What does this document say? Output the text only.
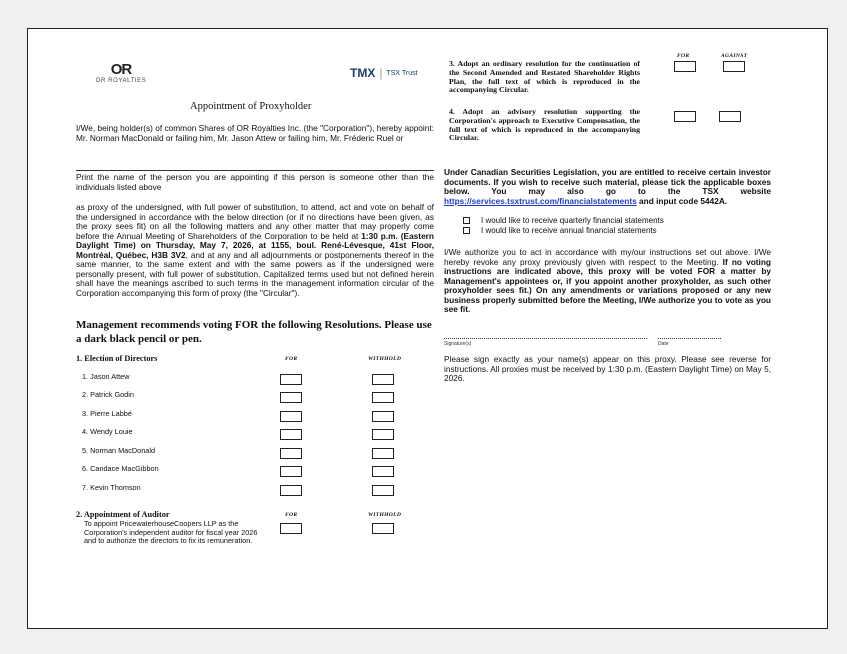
OR
OR ROYALTIES
TMX | TSX Trust
Appointment of Proxyholder
I/We, being holder(s) of common Shares of OR Royalties Inc. (the "Corporation"), hereby appoint: Mr. Norman MacDonald or failing him, Mr. Jason Attew or failing him, Mr. Fréderic Ruel or
Print the name of the person you are appointing if this person is someone other than the individuals listed above
as proxy of the undersigned, with full power of substitution, to attend, act and vote on behalf of the undersigned in accordance with the below direction (or if no directions have been given, as the proxy sees fit) on all the following matters and any other matter that may properly come before the Annual Meeting of Shareholders of the Corporation to be held at 1:30 p.m. (Eastern Daylight Time) on Thursday, May 7, 2026, at 1155, boul. René-Lévesque, 41st Floor, Montréal, Québec, H3B 3V2, and at any and all adjournments or postponements thereof in the same manner, to the same extent and with the same powers as if the undersigned were personally present, with full power of substitution. Capitalized terms used but not defined herein shall have the meanings ascribed to such terms in the management information circular of the Corporation accompanying this form of proxy (the "Circular").
Management recommends voting FOR the following Resolutions. Please use a dark black pencil or pen.
1. Election of Directors	FOR	WITHHOLD
1. Jason Attew
2. Patrick Godin
3. Pierre Labbé
4. Wendy Louie
5. Norman MacDonald
6. Candace MacGibbon
7. Kevin Thomson
2. Appointment of Auditor	FOR	WITHHOLD
To appoint PricewaterhouseCoopers LLP as the Corporation's independent auditor for fiscal year 2026 and to authorize the directors to fix its remuneration.
FOR	AGAINST
3. Adopt an ordinary resolution for the continuation of the Second Amended and Restated Shareholder Rights Plan, the full text of which is reproduced in the accompanying Circular.
4. Adopt an advisory resolution supporting the Corporation's approach to Executive Compensation, the full text of which is reproduced in the accompanying Circular.
Under Canadian Securities Legislation, you are entitled to receive certain investor documents. If you wish to receive such material, please tick the applicable boxes below. You may also go to the TSX website https://services.tsxtrust.com/financialstatements and input code 5442A.
I would like to receive quarterly financial statements
I would like to receive annual financial statements
I/We authorize you to act in accordance with my/our instructions set out above. I/We hereby revoke any proxy previously given with respect to the Meeting. If no voting instructions are indicated above, this proxy will be voted FOR a matter by Management's appointees or, if you appoint another proxyholder, as such other proxyholder sees fit.) On any amendments or variations proposed or any new business properly submitted before the Meeting, I/We authorize you to vote as you see fit.
Signature(s)	Date
Please sign exactly as your name(s) appear on this proxy. Please see reverse for instructions. All proxies must be received by 1:30 p.m. (Eastern Daylight Time) on May 5, 2026.
